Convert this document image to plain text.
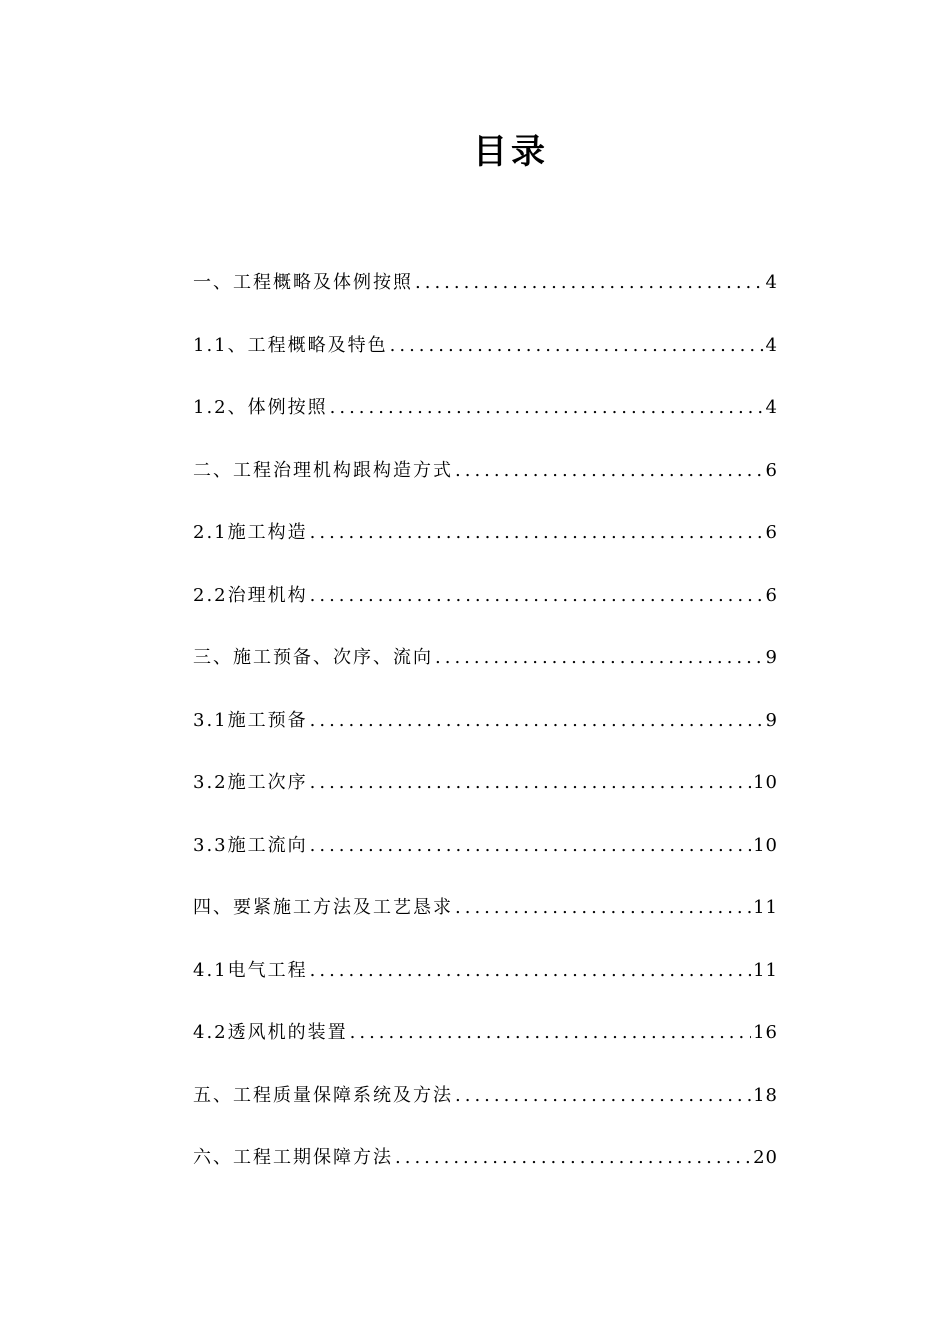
目录
一、工程概略及体例按照 .....	4
1.1、工程概略及特色 .....	4
1.2、体例按照 .....	4
二、工程治理机构跟构造方式 .....	6
2.1施工构造 .....	6
2.2治理机构 .....	6
三、施工预备、次序、流向 .....	9
3.1施工预备 .....	9
3.2施工次序 .....	10
3.3施工流向 .....	10
四、要紧施工方法及工艺恳求 .....	11
4.1电气工程 .....	11
4.2透风机的装置 .....	16
五、工程质量保障系统及方法 .....	18
六、工程工期保障方法 .....	20
